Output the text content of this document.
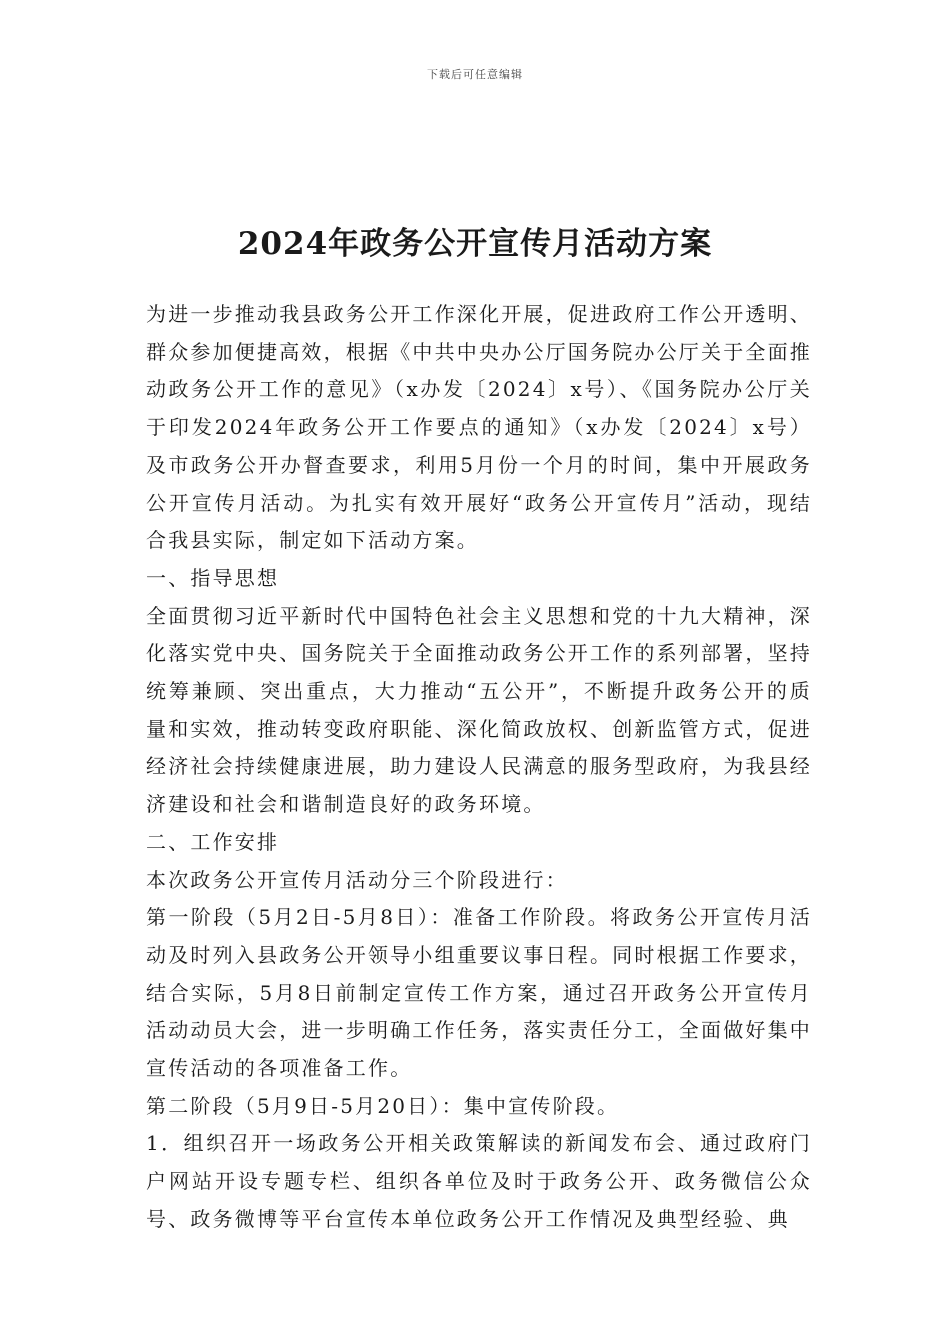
下载后可任意编辑
2024年政务公开宣传月活动方案

为进一步推动我县政务公开工作深化开展，促进政府工作公开透明、群众参加便捷高效，根据《中共中央办公厅国务院办公厅关于全面推动政务公开工作的意见》（x办发〔2024〕x号）、《国务院办公厅关于印发2024年政务公开工作要点的通知》（x办发〔2024〕x号）及市政务公开办督查要求，利用5月份一个月的时间，集中开展政务公开宣传月活动。为扎实有效开展好“政务公开宣传月”活动，现结合我县实际，制定如下活动方案。

一、指导思想

全面贯彻习近平新时代中国特色社会主义思想和党的十九大精神，深化落实党中央、国务院关于全面推动政务公开工作的系列部署，坚持统筹兼顾、突出重点，大力推动“五公开”，不断提升政务公开的质量和实效，推动转变政府职能、深化简政放权、创新监管方式，促进经济社会持续健康进展，助力建设人民满意的服务型政府，为我县经济建设和社会和谐制造良好的政务环境。

二、工作安排

本次政务公开宣传月活动分三个阶段进行：

第一阶段（5月2日-5月8日）：准备工作阶段。将政务公开宣传月活动及时列入县政务公开领导小组重要议事日程。同时根据工作要求，结合实际，5月8日前制定宣传工作方案，通过召开政务公开宣传月活动动员大会，进一步明确工作任务，落实责任分工，全面做好集中宣传活动的各项准备工作。

第二阶段（5月9日-5月20日）：集中宣传阶段。

1．组织召开一场政务公开相关政策解读的新闻发布会、通过政府门户网站开设专题专栏、组织各单位及时于政务公开、政务微信公众号、政务微博等平台宣传本单位政务公开工作情况及典型经验、典
